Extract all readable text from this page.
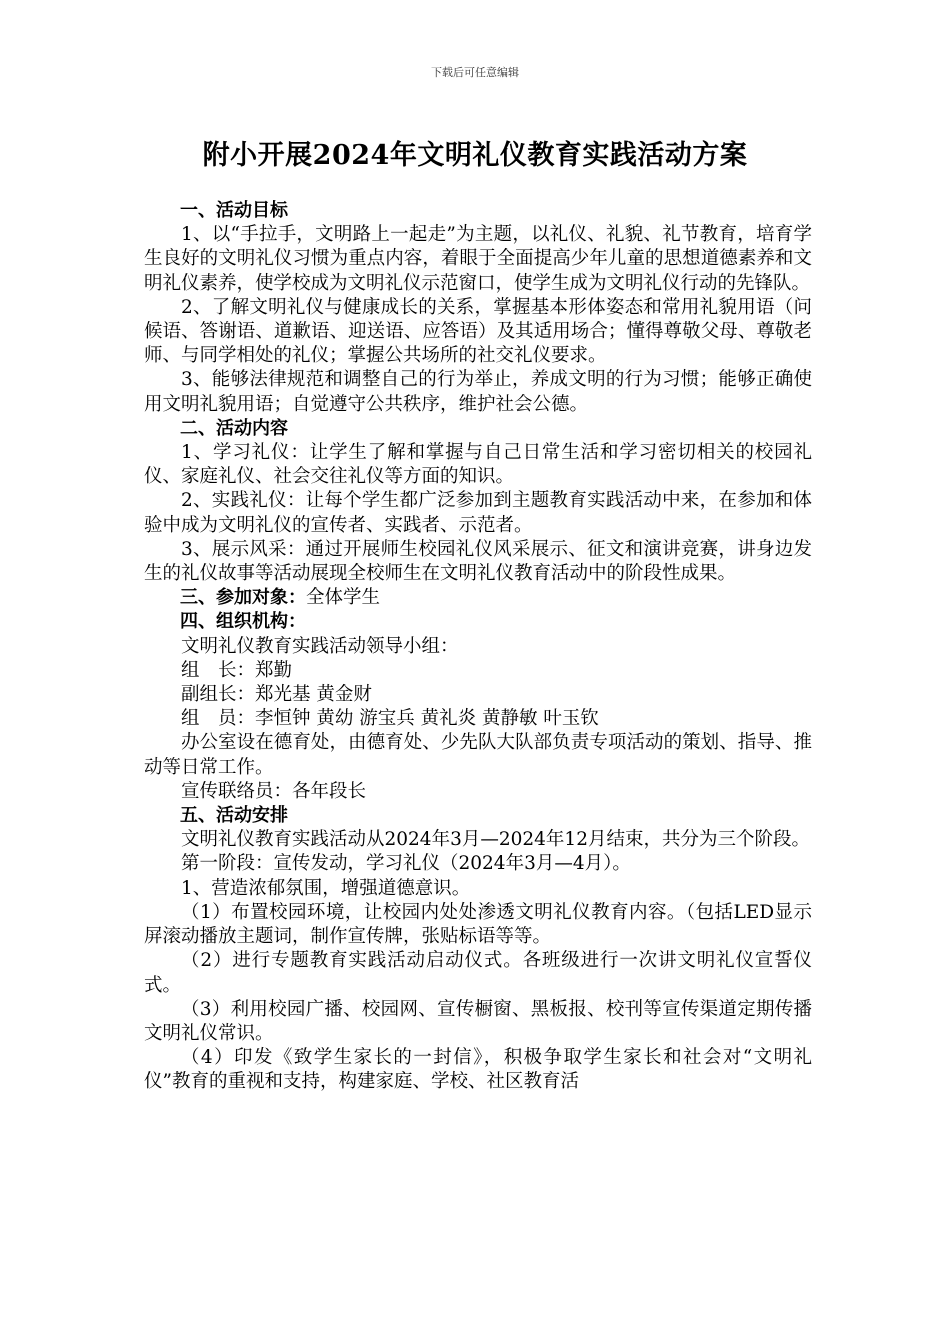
下载后可任意编辑
附小开展2024年文明礼仪教育实践活动方案

一、活动目标

1、以“手拉手，文明路上一起走”为主题，以礼仪、礼貌、礼节教育，培育学生良好的文明礼仪习惯为重点内容，着眼于全面提高少年儿童的思想道德素养和文明礼仪素养，使学校成为文明礼仪示范窗口，使学生成为文明礼仪行动的先锋队。

2、了解文明礼仪与健康成长的关系，掌握基本形体姿态和常用礼貌用语（问候语、答谢语、道歉语、迎送语、应答语）及其适用场合；懂得尊敬父母、尊敬老师、与同学相处的礼仪；掌握公共场所的社交礼仪要求。

3、能够法律规范和调整自己的行为举止，养成文明的行为习惯；能够正确使用文明礼貌用语；自觉遵守公共秩序，维护社会公德。

二、活动内容

1、学习礼仪：让学生了解和掌握与自己日常生活和学习密切相关的校园礼仪、家庭礼仪、社会交往礼仪等方面的知识。

2、实践礼仪：让每个学生都广泛参加到主题教育实践活动中来，在参加和体验中成为文明礼仪的宣传者、实践者、示范者。

3、展示风采：通过开展师生校园礼仪风采展示、征文和演讲竞赛，讲身边发生的礼仪故事等活动展现全校师生在文明礼仪教育活动中的阶段性成果。

三、参加对象：全体学生

四、组织机构：

文明礼仪教育实践活动领导小组：

组　长：郑勤

副组长：郑光基 黄金财

组　员：李恒钟 黄幼 游宝兵 黄礼炎 黄静敏 叶玉钦

办公室设在德育处，由德育处、少先队大队部负责专项活动的策划、指导、推动等日常工作。

宣传联络员：各年段长

五、活动安排

文明礼仪教育实践活动从2024年3月—2024年12月结束，共分为三个阶段。

第一阶段：宣传发动，学习礼仪（2024年3月—4月）。

1、营造浓郁氛围，增强道德意识。

（1）布置校园环境，让校园内处处渗透文明礼仪教育内容。（包括LED显示屏滚动播放主题词，制作宣传牌，张贴标语等等。

（2）进行专题教育实践活动启动仪式。各班级进行一次讲文明礼仪宣誓仪式。

（3）利用校园广播、校园网、宣传橱窗、黑板报、校刊等宣传渠道定期传播文明礼仪常识。

（4）印发《致学生家长的一封信》，积极争取学生家长和社会对“文明礼仪”教育的重视和支持，构建家庭、学校、社区教育活
